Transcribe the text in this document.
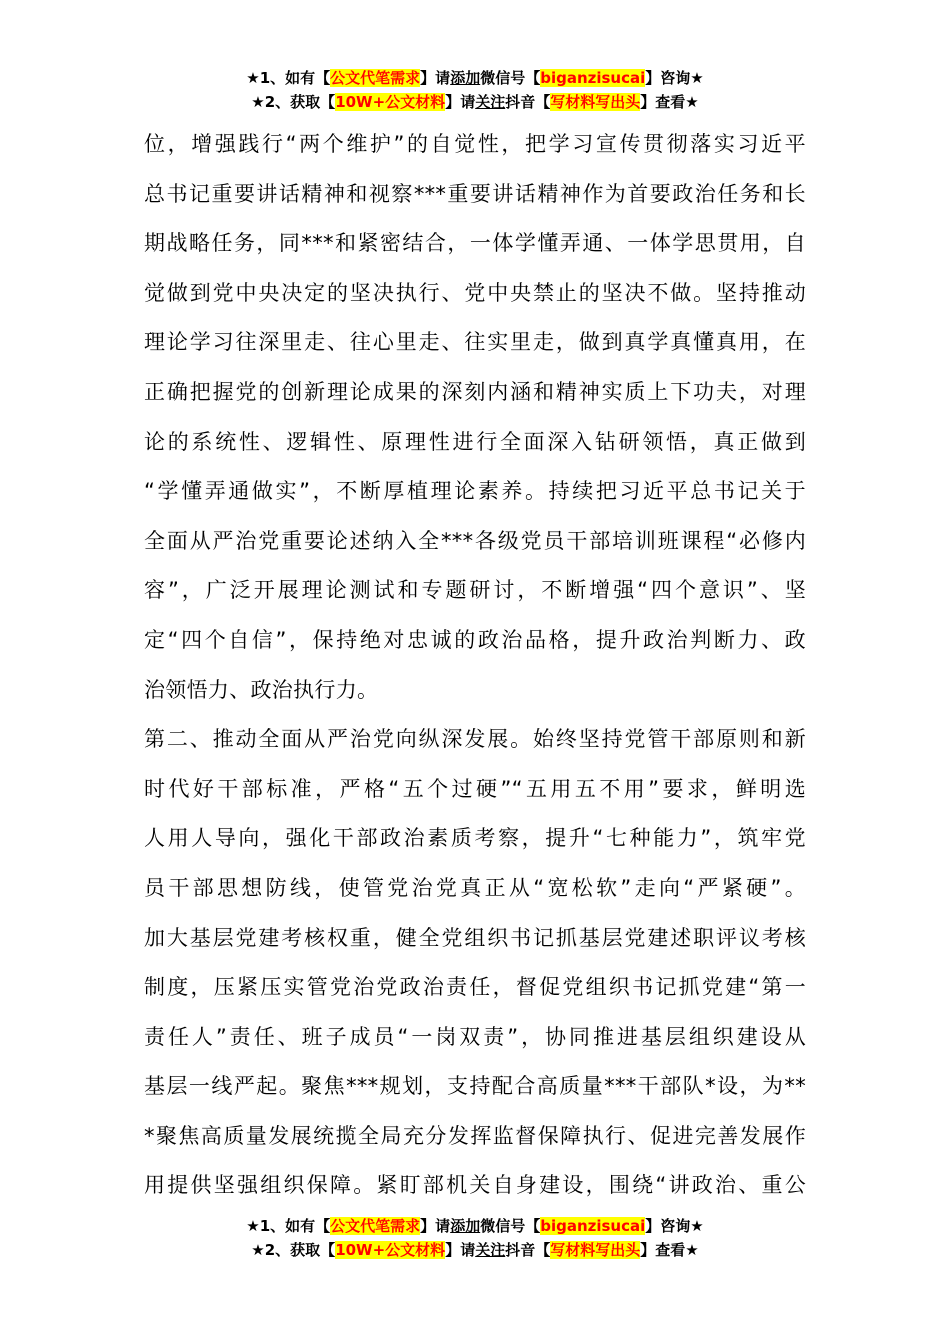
★1、如有【公文代笔需求】请添加微信号【biganzisucai】咨询★
★2、获取【10W+公文材料】请关注抖音【写材料写出头】查看★
位，增强践行“两个维护”的自觉性，把学习宣传贯彻落实习近平
总书记重要讲话精神和视察***重要讲话精神作为首要政治任务和长
期战略任务，同***和紧密结合，一体学懂弄通、一体学思贯用，自
觉做到党中央决定的坚决执行、党中央禁止的坚决不做。坚持推动
理论学习往深里走、往心里走、往实里走，做到真学真懂真用，在
正确把握党的创新理论成果的深刻内涵和精神实质上下功夫，对理
论的系统性、逻辑性、原理性进行全面深入钻研领悟，真正做到
“学懂弄通做实”，不断厚植理论素养。持续把习近平总书记关于
全面从严治党重要论述纳入全***各级党员干部培训班课程“必修内
容”，广泛开展理论测试和专题研讨，不断增强“四个意识”、坚
定“四个自信”，保持绝对忠诚的政治品格，提升政治判断力、政
治领悟力、政治执行力。
第二、推动全面从严治党向纵深发展。始终坚持党管干部原则和新
时代好干部标准，严格“五个过硬”“五用五不用”要求，鲜明选
人用人导向，强化干部政治素质考察，提升“七种能力”，筑牢党
员干部思想防线，使管党治党真正从“宽松软”走向“严紧硬”。
加大基层党建考核权重，健全党组织书记抓基层党建述职评议考核
制度，压紧压实管党治党政治责任，督促党组织书记抓党建“第一
责任人”责任、班子成员“一岗双责”，协同推进基层组织建设从
基层一线严起。聚焦***规划，支持配合高质量***干部队*设，为**
*聚焦高质量发展统揽全局充分发挥监督保障执行、促进完善发展作
用提供坚强组织保障。紧盯部机关自身建设，围绕“讲政治、重公
★1、如有【公文代笔需求】请添加微信号【biganzisucai】咨询★
★2、获取【10W+公文材料】请关注抖音【写材料写出头】查看★
